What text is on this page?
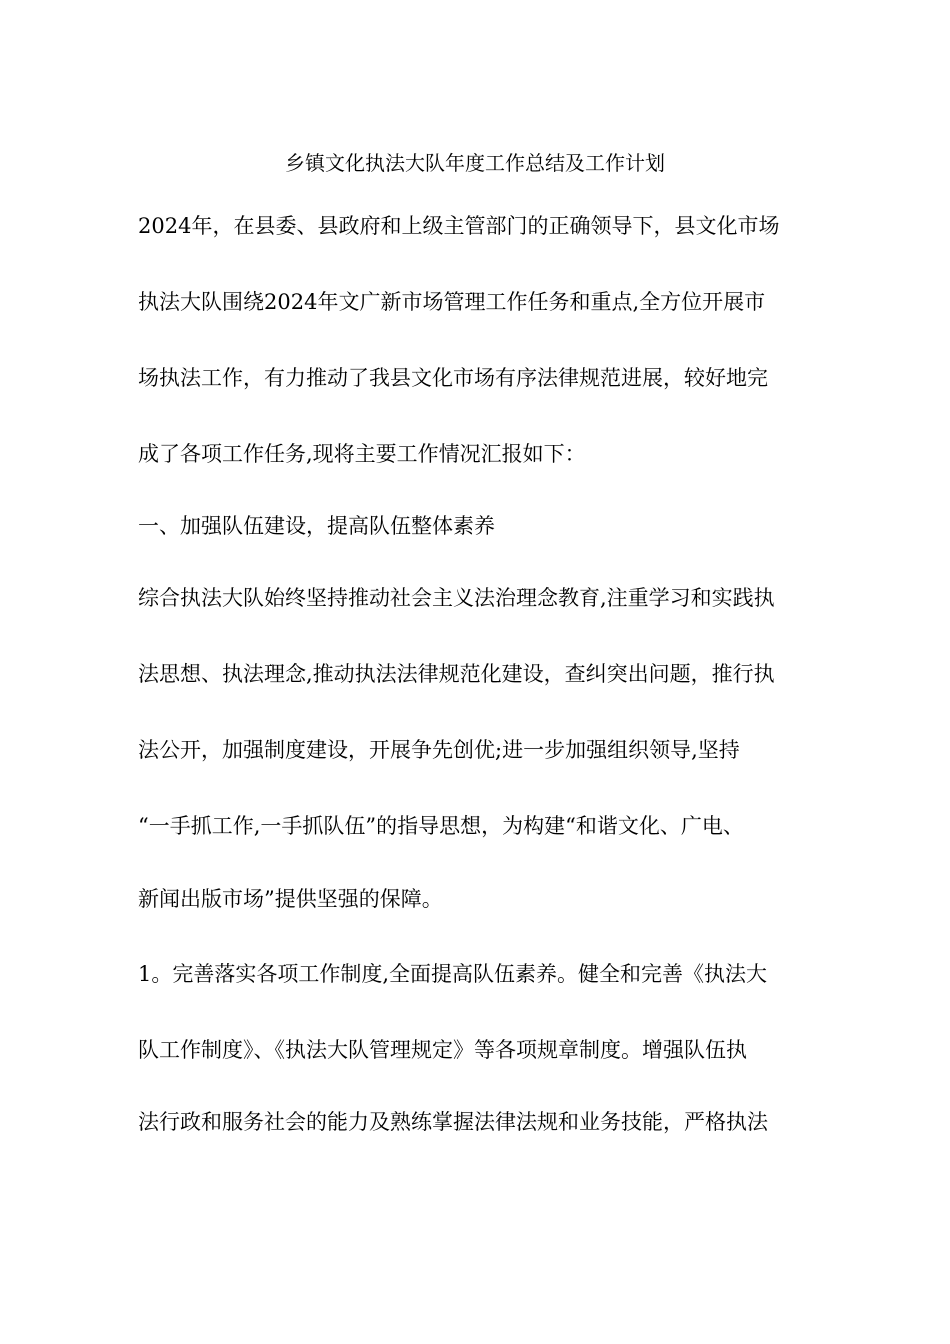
乡镇文化执法大队年度工作总结及工作计划
2024年，在县委、县政府和上级主管部门的正确领导下，县文化市场
执法大队围绕2024年文广新市场管理工作任务和重点,全方位开展市
场执法工作，有力推动了我县文化市场有序法律规范进展，较好地完
成了各项工作任务,现将主要工作情况汇报如下：
一、加强队伍建设，提高队伍整体素养
综合执法大队始终坚持推动社会主义法治理念教育,注重学习和实践执
法思想、执法理念,推动执法法律规范化建设，查纠突出问题，推行执
法公开，加强制度建设，开展争先创优;进一步加强组织领导,坚持
“一手抓工作,一手抓队伍”的指导思想，为构建“和谐文化、广电、
新闻出版市场”提供坚强的保障。
1。完善落实各项工作制度,全面提高队伍素养。健全和完善《执法大
队工作制度》、《执法大队管理规定》等各项规章制度。增强队伍执
法行政和服务社会的能力及熟练掌握法律法规和业务技能，严格执法
